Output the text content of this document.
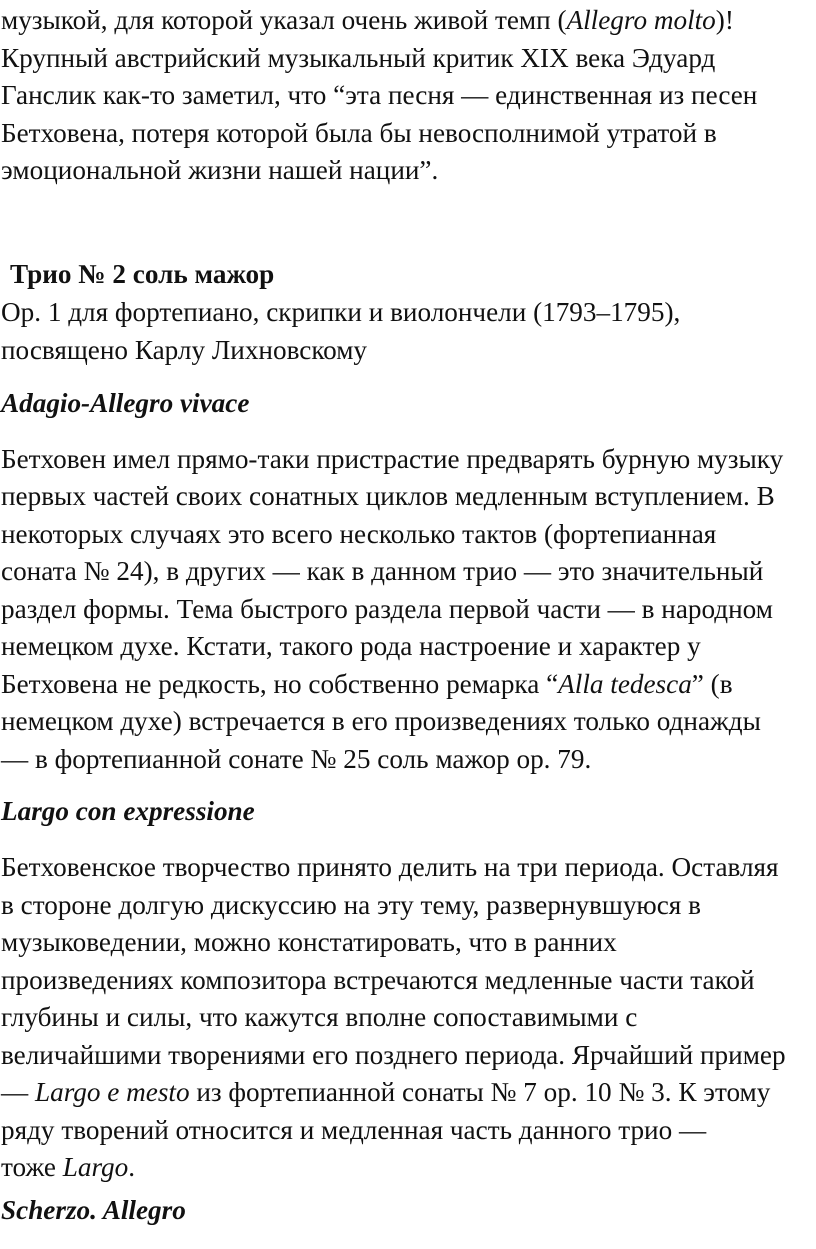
музыкой, для которой указал очень живой темп (Allegro molto)!
Крупный австрийский музыкальный критик XIX века Эдуард
Ганслик как-то заметил, что “эта песня — единственная из песен
Бетховена, потеря которой была бы невосполнимой утратой в
эмоциональной жизни нашей нации”.
Трио № 2 соль мажор
Ор. 1 для фортепиано, скрипки и виолончели (1793–1795),
посвящено Карлу Лихновскому
Adagio-Allegro vivace
Бетховен имел прямо-таки пристрастие предварять бурную музыку
первых частей своих сонатных циклов медленным вступлением. В
некоторых случаях это всего несколько тактов (фортепианная
соната № 24), в других — как в данном трио — это значительный
раздел формы. Тема быстрого раздела первой части — в народном
немецком духе. Кстати, такого рода настроение и характер у
Бетховена не редкость, но собственно ремарка “Alla tedesca” (в
немецком духе) встречается в его произведениях только однажды
— в фортепианной сонате № 25 соль мажор ор. 79.
Largo con expressione
Бетховенское творчество принято делить на три периода. Оставляя
в стороне долгую дискуссию на эту тему, развернувшуюся в
музыковедении, можно констатировать, что в ранних
произведениях композитора встречаются медленные части такой
глубины и силы, что кажутся вполне сопоставимыми с
величайшими творениями его позднего периода. Ярчайший пример
— Largo e mesto из фортепианной сонаты № 7 ор. 10 № 3. К этому
ряду творений относится и медленная часть данного трио —
тоже Largo.
Scherzo. Allegro
